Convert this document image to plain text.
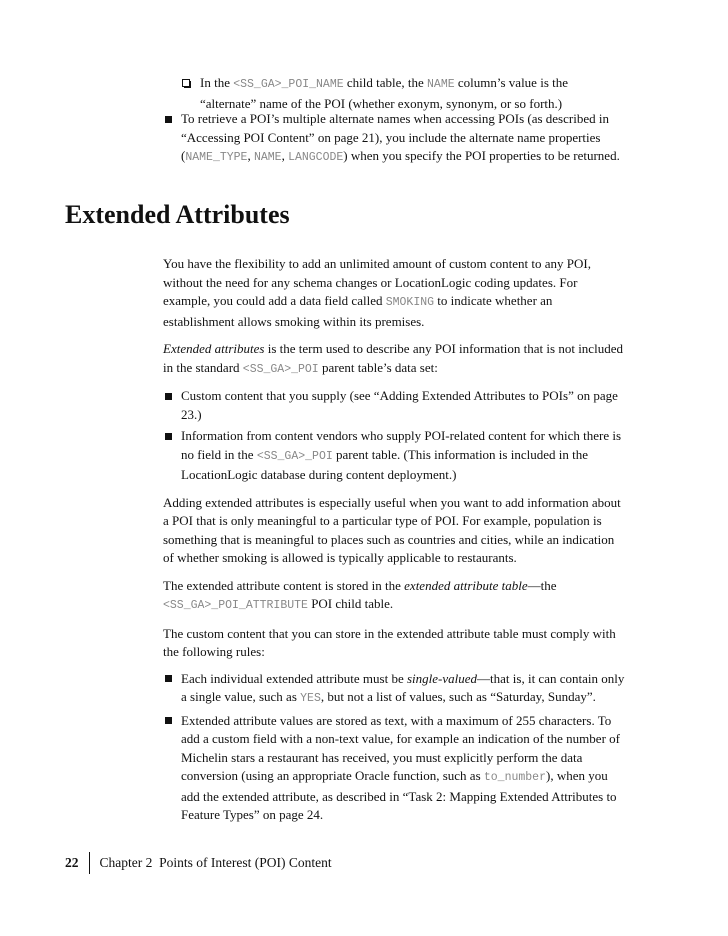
In the <SS_GA>_POI_NAME child table, the NAME column’s value is the “alternate” name of the POI (whether exonym, synonym, or so forth.)
To retrieve a POI’s multiple alternate names when accessing POIs (as described in “Accessing POI Content” on page 21), you include the alternate name properties (NAME_TYPE, NAME, LANGCODE) when you specify the POI properties to be returned.
Extended Attributes

You have the flexibility to add an unlimited amount of custom content to any POI, without the need for any schema changes or LocationLogic coding updates. For example, you could add a data field called SMOKING to indicate whether an establishment allows smoking within its premises.

Extended attributes is the term used to describe any POI information that is not included in the standard <SS_GA>_POI parent table’s data set:

Custom content that you supply (see “Adding Extended Attributes to POIs” on page 23.)
Information from content vendors who supply POI-related content for which there is no field in the <SS_GA>_POI parent table. (This information is included in the LocationLogic database during content deployment.)

Adding extended attributes is especially useful when you want to add information about a POI that is only meaningful to a particular type of POI. For example, population is something that is meaningful to places such as countries and cities, while an indication of whether smoking is allowed is typically applicable to restaurants.

The extended attribute content is stored in the extended attribute table—the <SS_GA>_POI_ATTRIBUTE POI child table.

The custom content that you can store in the extended attribute table must comply with the following rules:

Each individual extended attribute must be single-valued—that is, it can contain only a single value, such as YES, but not a list of values, such as “Saturday, Sunday”.
Extended attribute values are stored as text, with a maximum of 255 characters. To add a custom field with a non-text value, for example an indication of the number of Michelin stars a restaurant has received, you must explicitly perform the data conversion (using an appropriate Oracle function, such as to_number), when you add the extended attribute, as described in “Task 2: Mapping Extended Attributes to Feature Types” on page 24.
22 Chapter 2  Points of Interest (POI) Content
